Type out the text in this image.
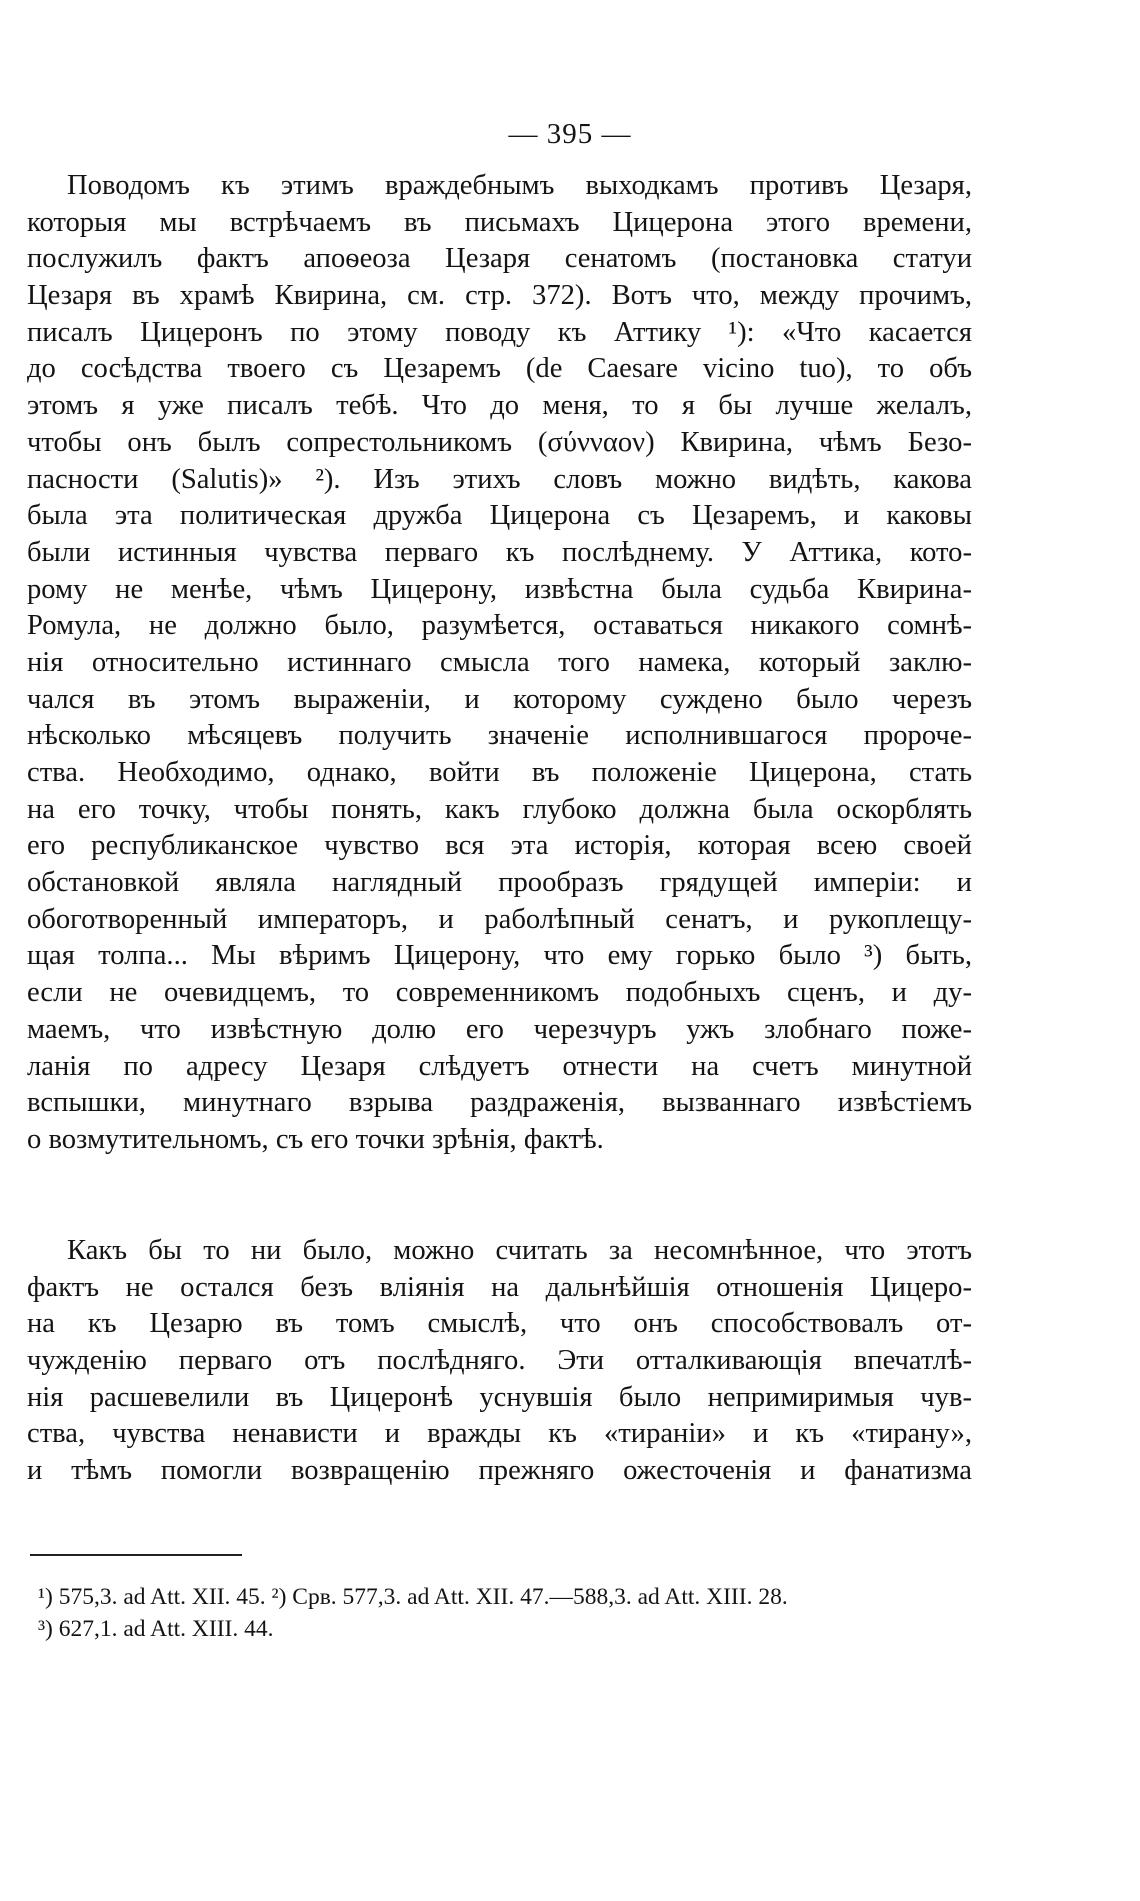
— 395 —
Поводомъ къ этимъ враждебнымъ выходкамъ противъ Цезаря,
которыя мы встрѣчаемъ въ письмахъ Цицерона этого времени,
послужилъ фактъ апоѳеоза Цезаря сенатомъ (постановка статуи
Цезаря въ храмѣ Квирина, см. стр. 372). Вотъ что, между прочимъ,
писалъ Цицеронъ по этому поводу къ Аттику ¹): «Что касается
до сосѣдства твоего съ Цезаремъ (de Caesare vicino tuo), то объ
этомъ я уже писалъ тебѣ. Что до меня, то я бы лучше желалъ,
чтобы онъ былъ сопрестольникомъ (σύνναον) Квирина, чѣмъ Безо-
пасности (Salutis)» ²). Изъ этихъ словъ можно видѣть, какова
была эта политическая дружба Цицерона съ Цезаремъ, и каковы
были истинныя чувства перваго къ послѣднему. У Аттика, кото-
рому не менѣе, чѣмъ Цицерону, извѣстна была судьба Квирина-
Ромула, не должно было, разумѣется, оставаться никакого сомнѣ-
нія относительно истиннаго смысла того намека, который заклю-
чался въ этомъ выраженіи, и которому суждено было черезъ
нѣсколько мѣсяцевъ получить значеніе исполнившагося пророче-
ства. Необходимо, однако, войти въ положеніе Цицерона, стать
на его точку, чтобы понять, какъ глубоко должна была оскорблять
его республиканское чувство вся эта исторія, которая всею своей
обстановкой являла наглядный прообразъ грядущей имперіи: и
обоготворенный императоръ, и раболѣпный сенатъ, и рукоплещу-
щая толпа... Мы вѣримъ Цицерону, что ему горько было ³) быть,
если не очевидцемъ, то современникомъ подобныхъ сценъ, и ду-
маемъ, что извѣстную долю его черезчуръ ужъ злобнаго поже-
ланія по адресу Цезаря слѣдуетъ отнести на счетъ минутной
вспышки, минутнаго взрыва раздраженія, вызваннаго извѣстіемъ
о возмутительномъ, съ его точки зрѣнія, фактѣ.
Какъ бы то ни было, можно считать за несомнѣнное, что этотъ
фактъ не остался безъ вліянія на дальнѣйшія отношенія Цицеро-
на къ Цезарю въ томъ смыслѣ, что онъ способствовалъ от-
чужденію перваго отъ послѣдняго. Эти отталкивающія впечатлѣ-
нія расшевелили въ Цицеронѣ уснувшія было непримиримыя чув-
ства, чувства ненависти и вражды къ «тираніи» и къ «тирану»,
и тѣмъ помогли возвращенію прежняго ожесточенія и фанатизма
¹) 575,3. ad Att. XII. 45. ²) Срв. 577,3. ad Att. XII. 47.—588,3. ad Att. XIII. 28.
³) 627,1. ad Att. XIII. 44.
